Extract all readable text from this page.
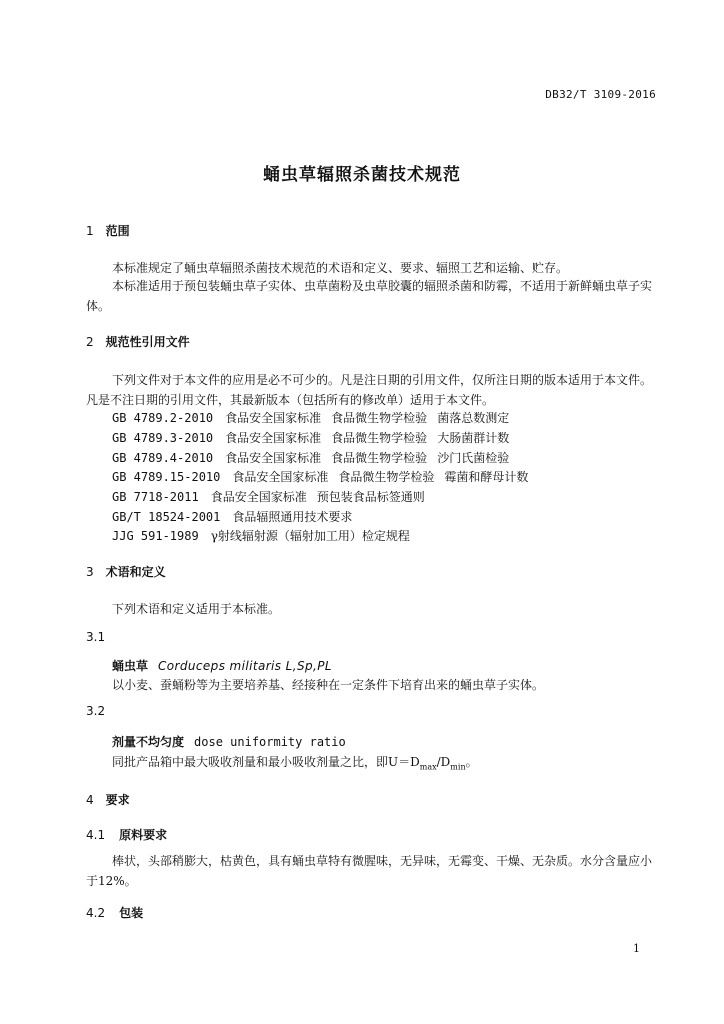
DB32/T 3109-2016
蛹虫草辐照杀菌技术规范
1 范围
本标准规定了蛹虫草辐照杀菌技术规范的术语和定义、要求、辐照工艺和运输、贮存。
本标准适用于预包装蛹虫草子实体、虫草菌粉及虫草胶囊的辐照杀菌和防霉，不适用于新鲜蛹虫草子实体。
2 规范性引用文件
下列文件对于本文件的应用是必不可少的。凡是注日期的引用文件，仅所注日期的版本适用于本文件。凡是不注日期的引用文件，其最新版本（包括所有的修改单）适用于本文件。
GB 4789.2-2010 食品安全国家标准 食品微生物学检验 菌落总数测定
GB 4789.3-2010 食品安全国家标准 食品微生物学检验 大肠菌群计数
GB 4789.4-2010 食品安全国家标准 食品微生物学检验 沙门氏菌检验
GB 4789.15-2010 食品安全国家标准 食品微生物学检验 霉菌和酵母计数
GB 7718-2011 食品安全国家标准 预包装食品标签通则
GB/T 18524-2001 食品辐照通用技术要求
JJG 591-1989 γ射线辐射源（辐射加工用）检定规程
3 术语和定义
下列术语和定义适用于本标准。
3.1
蛹虫草 Corduceps militaris L,Sp,PL
以小麦、蚕蛹粉等为主要培养基、经接种在一定条件下培育出来的蛹虫草子实体。
3.2
剂量不均匀度 dose uniformity ratio
同批产品箱中最大吸收剂量和最小吸收剂量之比，即$U=D_{max}/D_{min}$。
4 要求
4.1 原料要求
棒状，头部稍膨大，枯黄色，具有蛹虫草特有微腥味，无异味，无霉变、干燥、无杂质。水分含量应小于12%。
4.2 包装
1
